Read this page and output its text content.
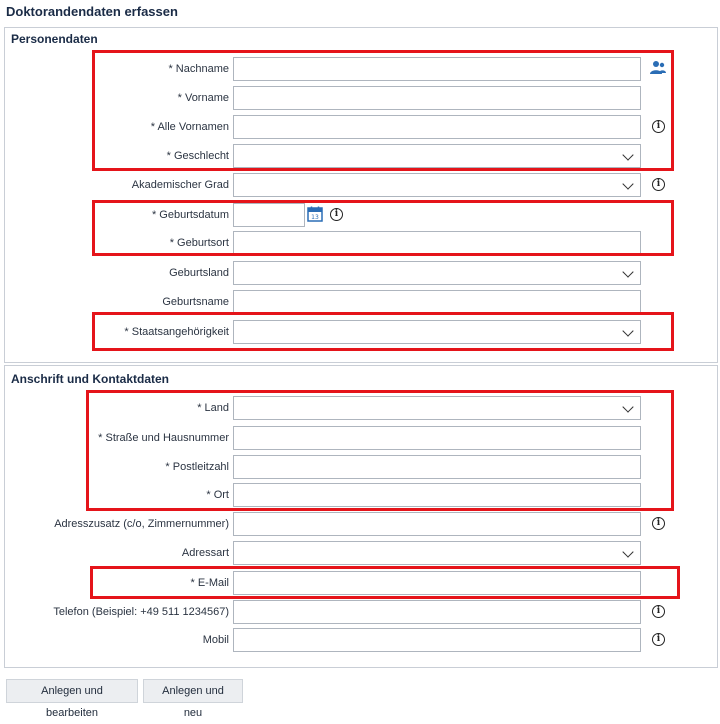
Doktorandendaten erfassen
Personendaten
* Nachname
* Vorname
* Alle Vornamen	i
* Geschlecht
Akademischer Grad	i
* Geburtsdatum	13	i
* Geburtsort
Geburtsland
Geburtsname
* Staatsangehörigkeit
Anschrift und Kontaktdaten
* Land
* Straße und Hausnummer
* Postleitzahl
* Ort
Adresszusatz (c/o, Zimmernummer)	i
Adressart
* E-Mail
Telefon (Beispiel: +49 511 1234567)	i
Mobil	i
Anlegen und bearbeiten
Anlegen und neu
